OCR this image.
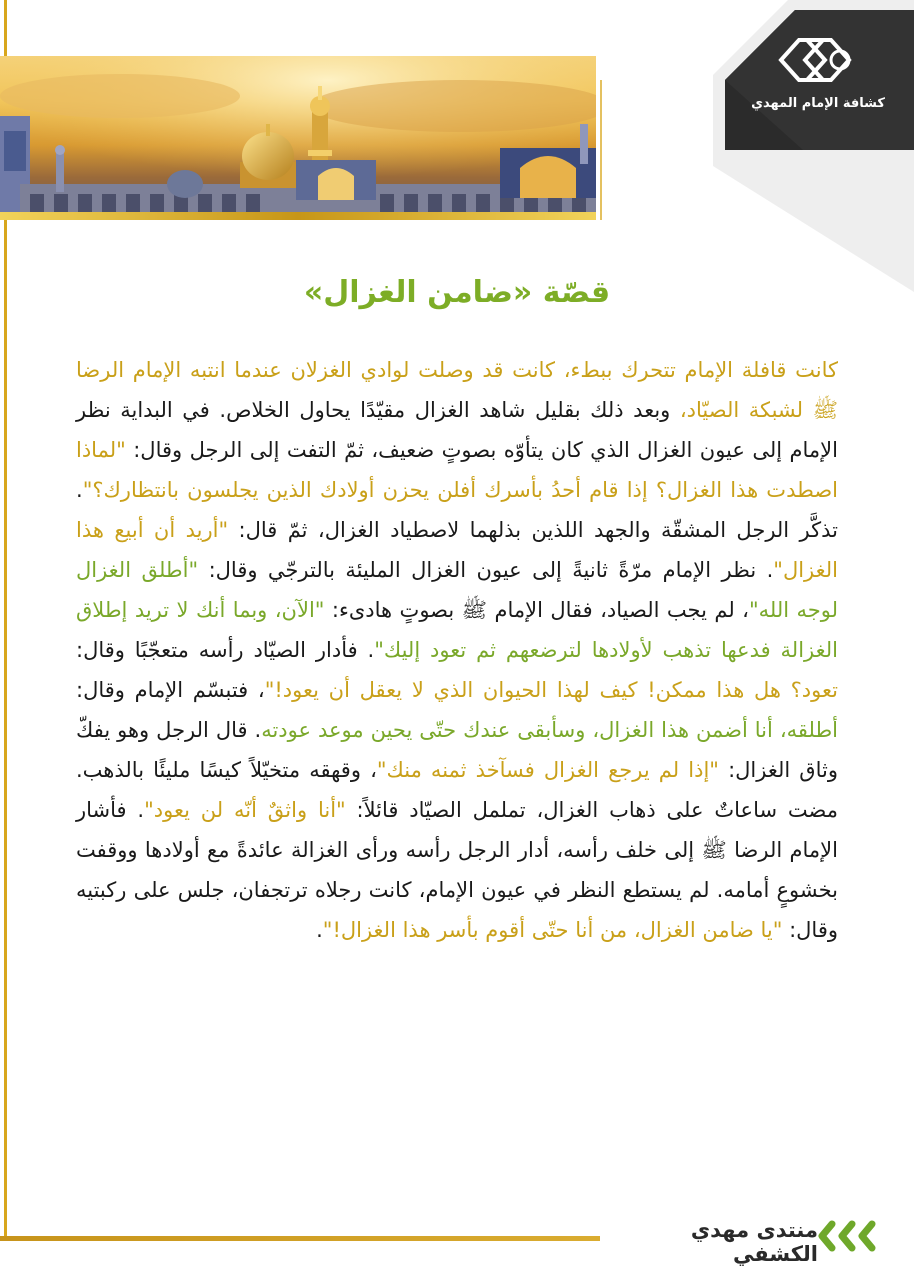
كشافة الإمام المهدي
قصّة «ضامن الغزال»
كانت قافلة الإمام تتحرك ببطء، كانت قد وصلت لوادي الغزلان عندما انتبه الإمام الرضا ﷺ لشبكة الصيّاد، وبعد ذلك بقليل شاهد الغزال مقيّدًا يحاول الخلاص. في البداية نظر الإمام إلى عيون الغزال الذي كان يتأوّه بصوتٍ ضعيف، ثمّ التفت إلى الرجل وقال: "لماذا اصطدت هذا الغزال؟ إذا قام أحدُ بأسرك أفلن يحزن أولادك الذين يجلسون بانتظارك؟". تذكَّر الرجل المشقّة والجهد اللذين بذلهما لاصطياد الغزال، ثمّ قال: "أريد أن أبيع هذا الغزال". نظر الإمام مرّةً ثانيةً إلى عيون الغزال المليئة بالترجّي وقال: "أطلق الغزال لوجه الله"، لم يجب الصياد، فقال الإمام ﷺ بصوتٍ هادىء: "الآن، وبما أنك لا تريد إطلاق الغزالة فدعها تذهب لأولادها لترضعهم ثم تعود إليك". فأدار الصيّاد رأسه متعجّبًا وقال: تعود؟ هل هذا ممكن! كيف لهذا الحيوان الذي لا يعقل أن يعود!"، فتبسّم الإمام وقال: أطلقه، أنا أضمن هذا الغزال، وسأبقى عندك حتّى يحين موعد عودته. قال الرجل وهو يفكّ وثاق الغزال: "إذا لم يرجع الغزال فسآخذ ثمنه منك"، وقهقه متخيّلاً كيسًا مليئًا بالذهب. مضت ساعاتٌ على ذهاب الغزال، تململ الصيّاد قائلاً: "أنا واثقٌ أنّه لن يعود". فأشار الإمام الرضا ﷺ إلى خلف رأسه، أدار الرجل رأسه ورأى الغزالة عائدةً مع أولادها ووقفت بخشوعٍ أمامه. لم يستطع النظر في عيون الإمام، كانت رجلاه ترتجفان، جلس على ركبتيه وقال: "يا ضامن الغزال، من أنا حتّى أقوم بأسر هذا الغزال!".
منتدى مهدي الكشفي
